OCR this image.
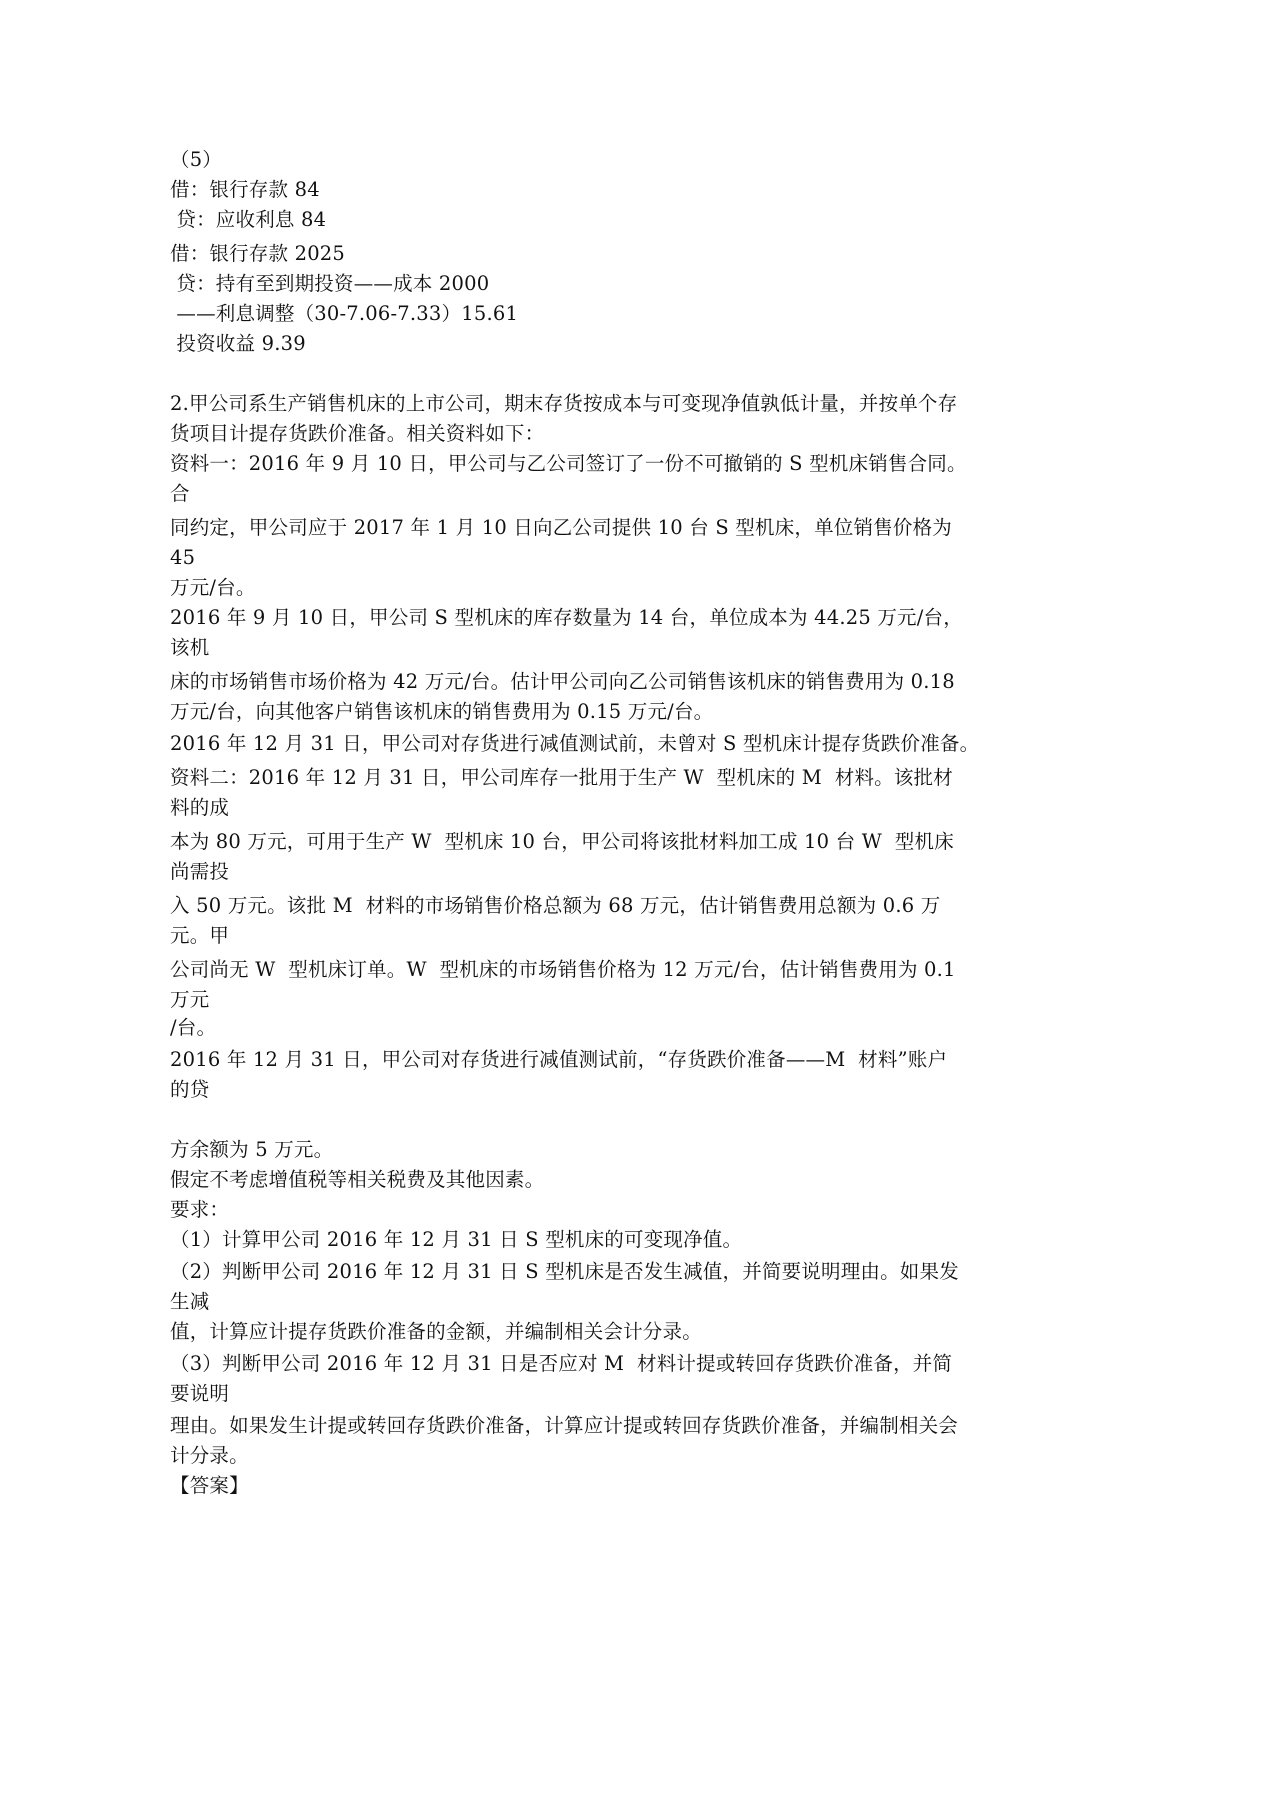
（5）
借：银行存款 84
贷：应收利息 84
借：银行存款 2025
贷：持有至到期投资——成本 2000
——利息调整（30-7.06-7.33）15.61
投资收益 9.39
2.甲公司系生产销售机床的上市公司，期末存货按成本与可变现净值孰低计量，并按单个存
货项目计提存货跌价准备。相关资料如下：
资料一：2016 年 9 月 10 日，甲公司与乙公司签订了一份不可撤销的 S 型机床销售合同。
合
同约定，甲公司应于 2017 年 1 月 10 日向乙公司提供 10 台 S 型机床，单位销售价格为
45
万元/台。
2016 年 9 月 10 日，甲公司 S 型机床的库存数量为 14 台，单位成本为 44.25 万元/台，
该机
床的市场销售市场价格为 42 万元/台。估计甲公司向乙公司销售该机床的销售费用为 0.18
万元/台，向其他客户销售该机床的销售费用为 0.15 万元/台。
2016 年 12 月 31 日，甲公司对存货进行减值测试前，未曾对 S 型机床计提存货跌价准备。
资料二：2016 年 12 月 31 日，甲公司库存一批用于生产 W  型机床的 M  材料。该批材
料的成
本为 80 万元，可用于生产 W  型机床 10 台，甲公司将该批材料加工成 10 台 W  型机床
尚需投
入 50 万元。该批 M  材料的市场销售价格总额为 68 万元，估计销售费用总额为 0.6 万
元。甲
公司尚无 W  型机床订单。W  型机床的市场销售价格为 12 万元/台，估计销售费用为 0.1
万元
/台。
2016 年 12 月 31 日，甲公司对存货进行减值测试前，“存货跌价准备——M  材料”账户
的贷
方余额为 5 万元。
假定不考虑增值税等相关税费及其他因素。
要求：
（1）计算甲公司 2016 年 12 月 31 日 S 型机床的可变现净值。
（2）判断甲公司 2016 年 12 月 31 日 S 型机床是否发生减值，并简要说明理由。如果发
生减
值，计算应计提存货跌价准备的金额，并编制相关会计分录。
（3）判断甲公司 2016 年 12 月 31 日是否应对 M  材料计提或转回存货跌价准备，并简
要说明
理由。如果发生计提或转回存货跌价准备，计算应计提或转回存货跌价准备，并编制相关会
计分录。
【答案】
